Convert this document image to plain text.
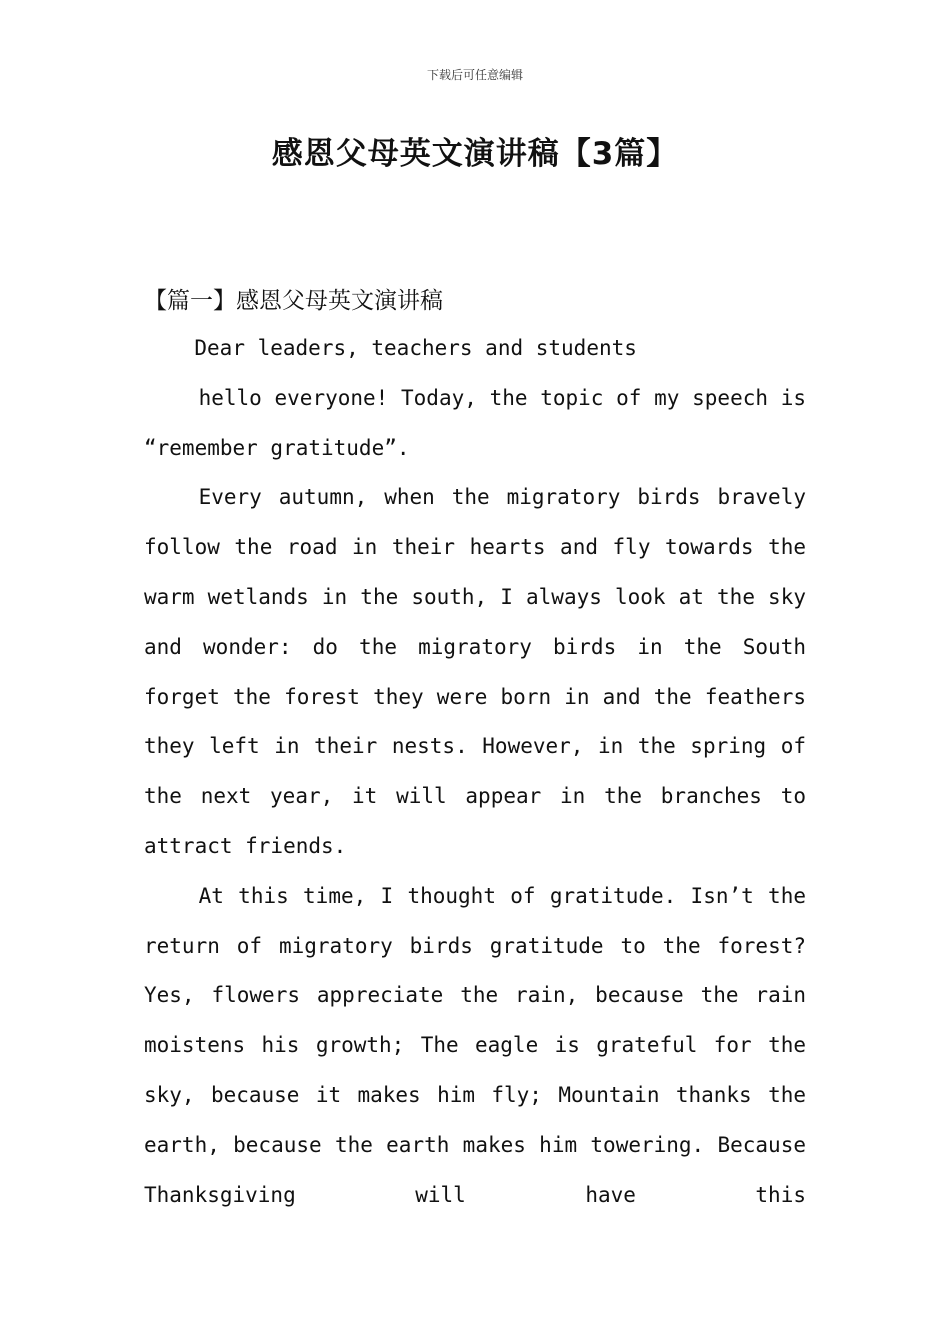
下载后可任意编辑
感恩父母英文演讲稿【3篇】
【篇一】感恩父母英文演讲稿

Dear leaders, teachers and students

hello everyone! Today, the topic of my speech is “remember gratitude”.

Every autumn, when the migratory birds bravely follow the road in their hearts and fly towards the warm wetlands in the south, I always look at the sky and wonder: do the migratory birds in the South forget the forest they were born in and the feathers they left in their nests. However, in the spring of the next year, it will appear in the branches to attract friends.

At this time, I thought of gratitude. Isn’t the return of migratory birds gratitude to the forest? Yes, flowers appreciate the rain, because the rain moistens his growth; The eagle is grateful for the sky, because it makes him fly; Mountain thanks the earth, because the earth makes him towering. Because Thanksgiving will have this
